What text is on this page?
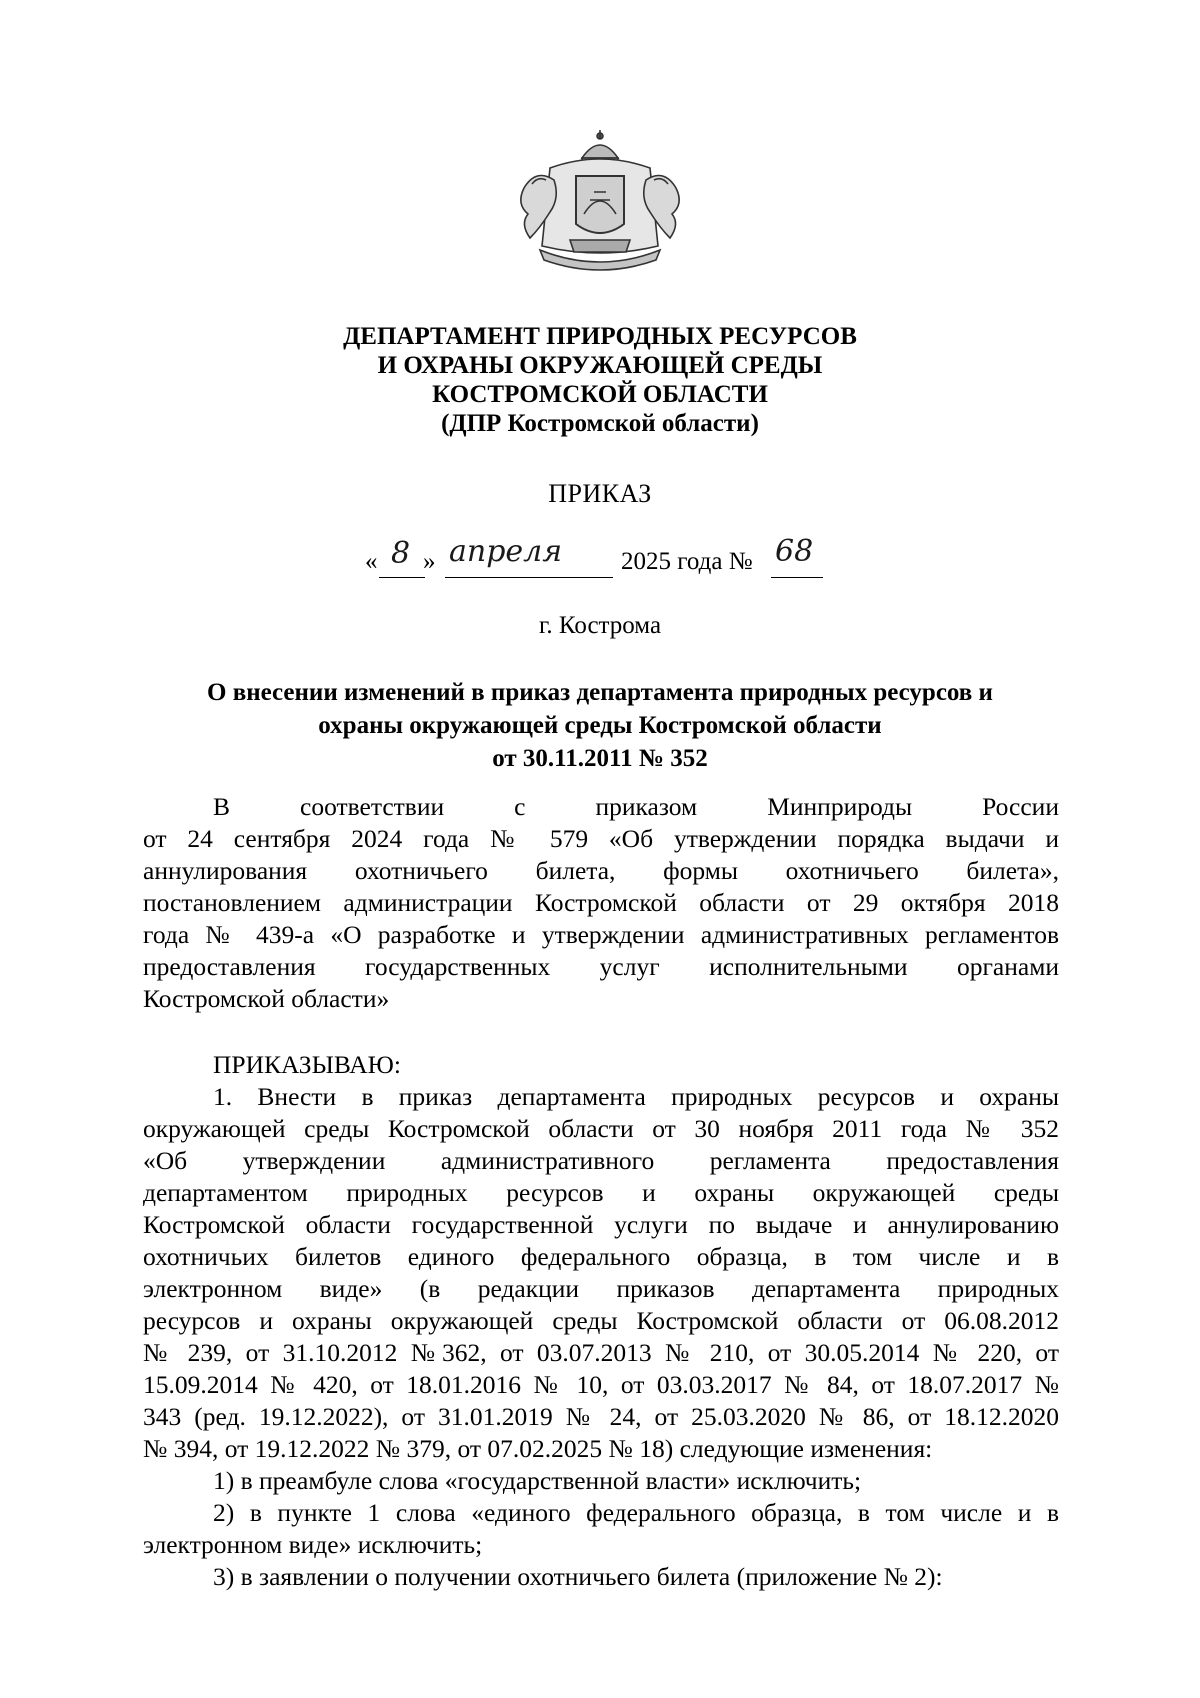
ДЕПАРТАМЕНТ ПРИРОДНЫХ РЕСУРСОВ
И ОХРАНЫ ОКРУЖАЮЩЕЙ СРЕДЫ
КОСТРОМСКОЙ ОБЛАСТИ
(ДПР Костромской области)
ПРИКАЗ
« 8 » апреля 2025 года № 68
г. Кострома
О внесении изменений в приказ департамента природных ресурсов и
охраны окружающей среды Костромской области
от 30.11.2011 № 352
В	соответствии	с	приказом	Минприроды	России
от 24 сентября 2024 года № 579 «Об утверждении порядка выдачи и
аннулирования охотничьего билета, формы охотничьего билета»,
постановлением администрации Костромской области от 29 октября 2018
года № 439-а «О разработке и утверждении административных регламентов
предоставления государственных услуг исполнительными органами
Костромской области»
ПРИКАЗЫВАЮ:
1. Внести в приказ департамента природных ресурсов и охраны
окружающей среды Костромской области от 30 ноября 2011 года № 352
«Об утверждении административного регламента предоставления
департаментом природных ресурсов и охраны окружающей среды
Костромской области государственной услуги по выдаче и аннулированию
охотничьих билетов единого федерального образца, в том числе и в
электронном виде» (в редакции приказов департамента природных
ресурсов и охраны окружающей среды Костромской области от 06.08.2012
№ 239, от 31.10.2012 №362, от 03.07.2013 № 210, от 30.05.2014 № 220, от
15.09.2014 № 420, от 18.01.2016 № 10, от 03.03.2017 № 84, от 18.07.2017 №
343 (ред. 19.12.2022), от 31.01.2019 № 24, от 25.03.2020 № 86, от 18.12.2020
№ 394, от 19.12.2022 № 379, от 07.02.2025 № 18) следующие изменения:
1) в преамбуле слова «государственной власти» исключить;
2) в пункте 1 слова «единого федерального образца, в том числе и в
электронном виде» исключить;
3) в заявлении о получении охотничьего билета (приложение № 2):
